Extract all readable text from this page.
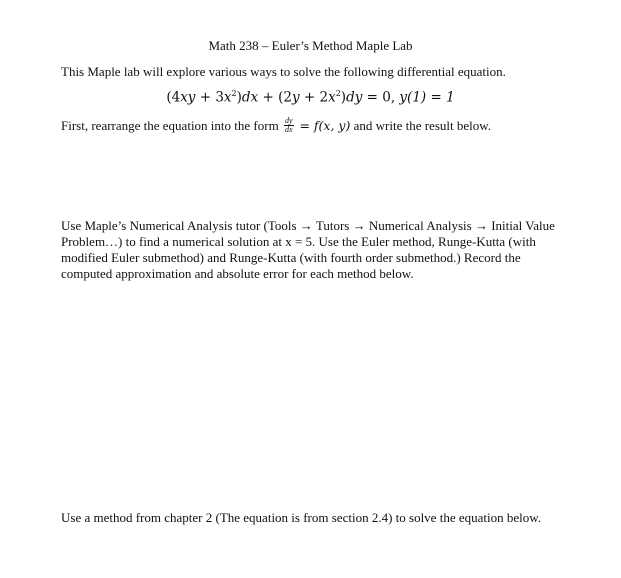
Math 238 – Euler’s Method Maple Lab
This Maple lab will explore various ways to solve the following differential equation.
$(4xy + 3x^2)dx + (2y + 2x^2)dy = 0$, y(1) = 1
First, rearrange the equation into the form $\frac{dy}{dx} = f(x$, y) and write the result below.
Use Maple’s Numerical Analysis tutor (Tools → Tutors → Numerical Analysis → Initial Value
Problem…) to find a numerical solution at x = 5. Use the Euler method, Runge-Kutta (with
modified Euler submethod) and Runge-Kutta (with fourth order submethod.) Record the
computed approximation and absolute error for each method below.
Use a method from chapter 2 (The equation is from section 2.4) to solve the equation below.
